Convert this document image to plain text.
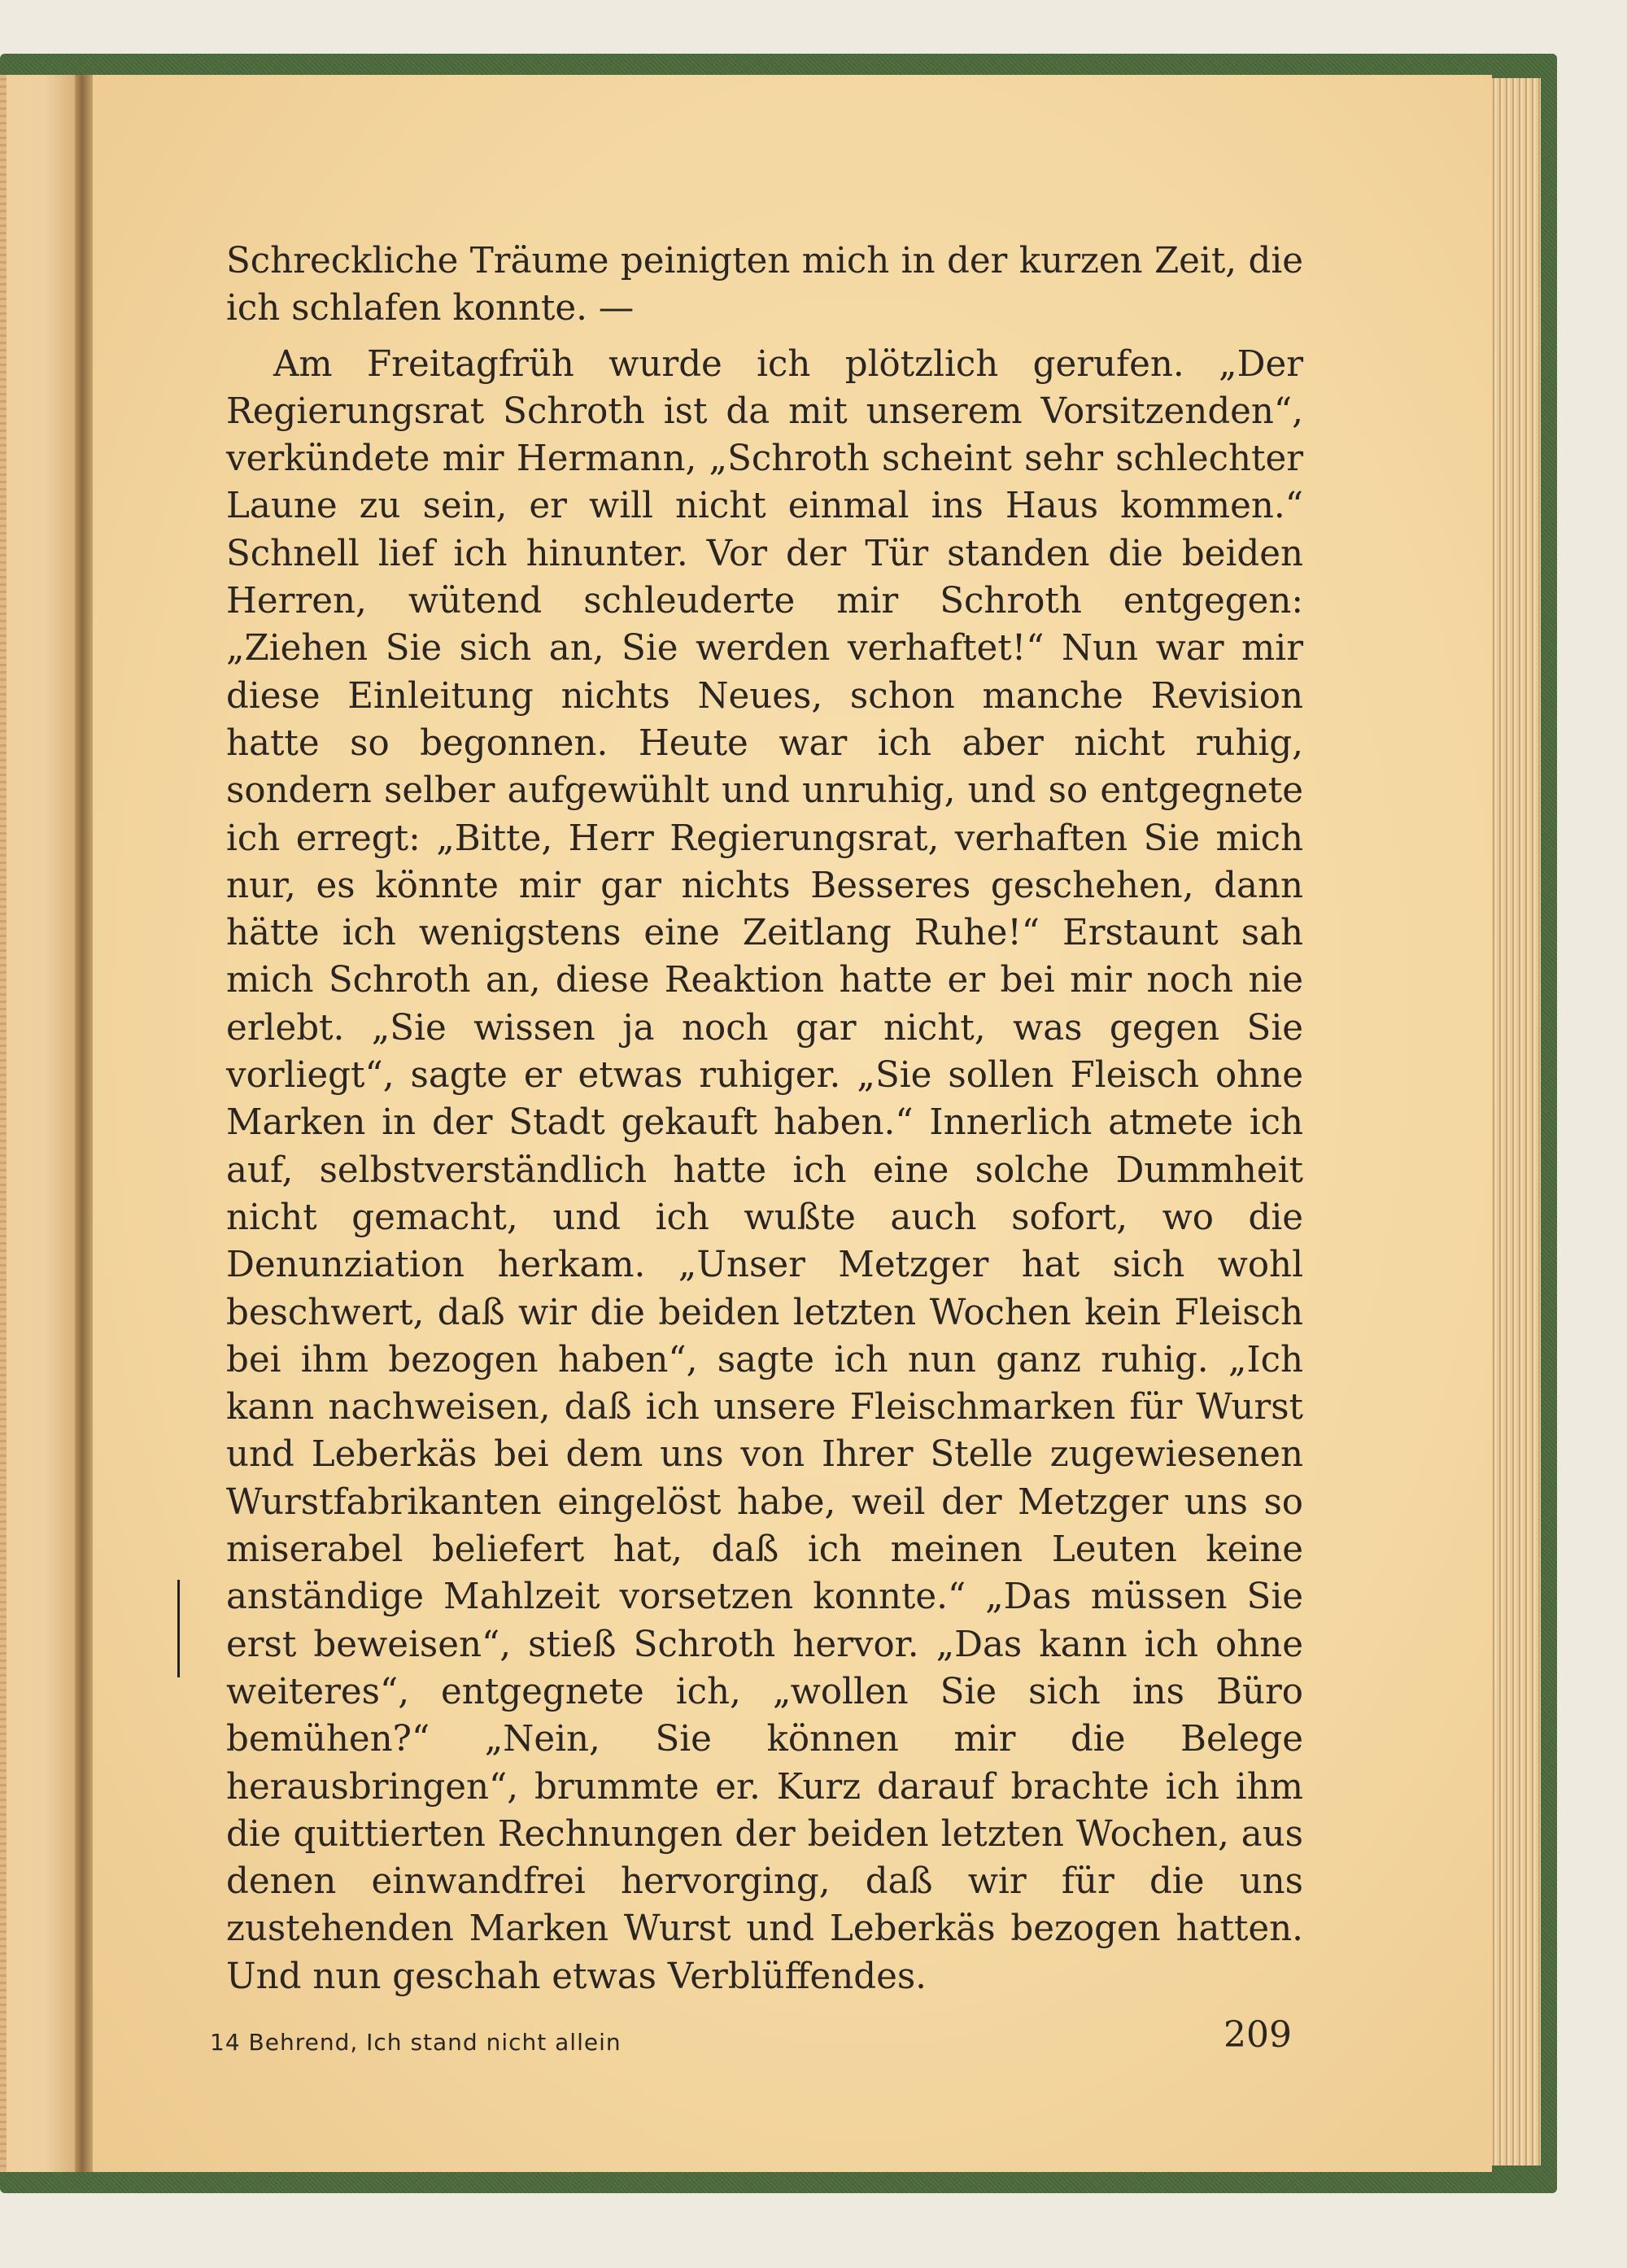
Schreckliche Träume peinigten mich in der kurzen Zeit, die ich schlafen konnte. —

Am Freitagfrüh wurde ich plötzlich gerufen. „Der Regierungsrat Schroth ist da mit unserem Vorsitzenden“, verkündete mir Hermann, „Schroth scheint sehr schlechter Laune zu sein, er will nicht einmal ins Haus kommen.“ Schnell lief ich hinunter. Vor der Tür standen die beiden Herren, wütend schleuderte mir Schroth entgegen: „Ziehen Sie sich an, Sie werden verhaftet!“ Nun war mir diese Einleitung nichts Neues, schon manche Revision hatte so begonnen. Heute war ich aber nicht ruhig, sondern selber aufgewühlt und unruhig, und so entgegnete ich erregt: „Bitte, Herr Regierungsrat, verhaften Sie mich nur, es könnte mir gar nichts Besseres geschehen, dann hätte ich wenigstens eine Zeitlang Ruhe!“ Erstaunt sah mich Schroth an, diese Reaktion hatte er bei mir noch nie erlebt. „Sie wissen ja noch gar nicht, was gegen Sie vorliegt“, sagte er etwas ruhiger. „Sie sollen Fleisch ohne Marken in der Stadt gekauft haben.“ Innerlich atmete ich auf, selbstverständlich hatte ich eine solche Dummheit nicht gemacht, und ich wußte auch sofort, wo die Denunziation herkam. „Unser Metzger hat sich wohl beschwert, daß wir die beiden letzten Wochen kein Fleisch bei ihm bezogen haben“, sagte ich nun ganz ruhig. „Ich kann nachweisen, daß ich unsere Fleischmarken für Wurst und Leberkäs bei dem uns von Ihrer Stelle zugewiesenen Wurstfabrikanten eingelöst habe, weil der Metzger uns so miserabel beliefert hat, daß ich meinen Leuten keine anständige Mahlzeit vorsetzen konnte.“ „Das müssen Sie erst beweisen“, stieß Schroth hervor. „Das kann ich ohne weiteres“, entgegnete ich, „wollen Sie sich ins Büro bemühen?“ „Nein, Sie können mir die Belege herausbringen“, brummte er. Kurz darauf brachte ich ihm die quittierten Rechnungen der beiden letzten Wochen, aus denen einwandfrei hervorging, daß wir für die uns zustehenden Marken Wurst und Leberkäs bezogen hatten. Und nun geschah etwas Verblüffendes.

14 Behrend, Ich stand nicht allein	209
